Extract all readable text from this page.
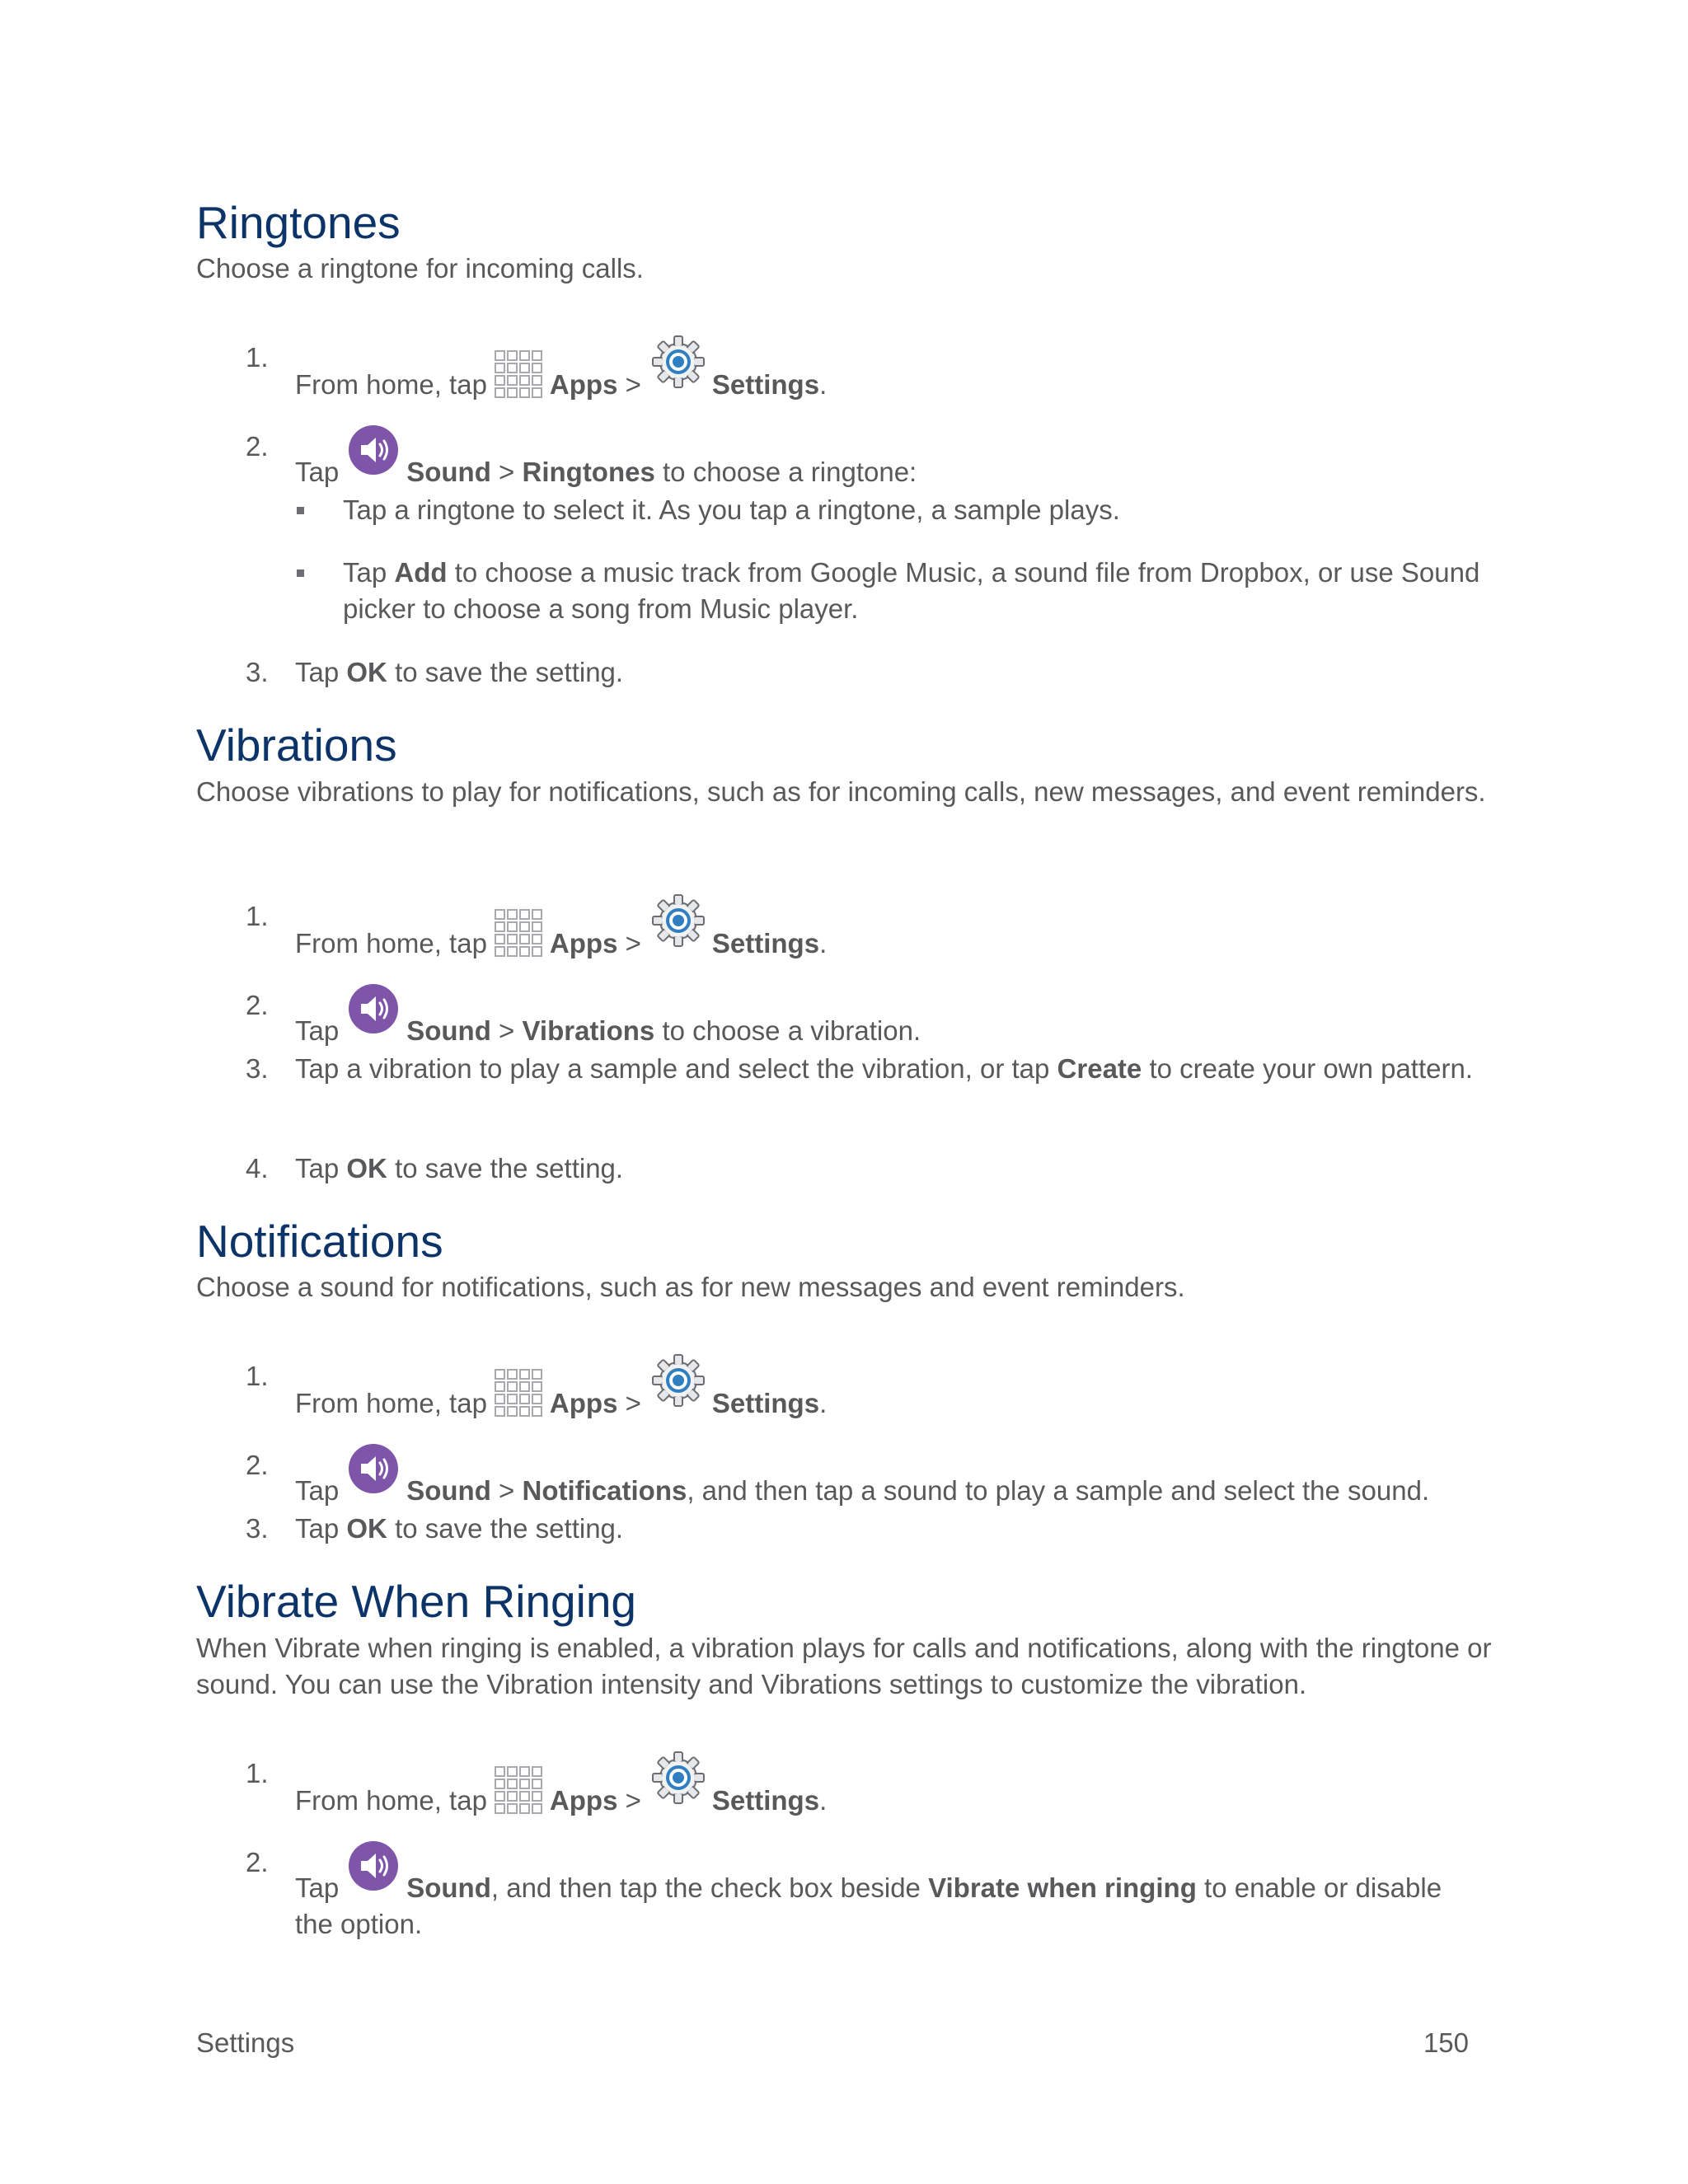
Ringtones

Choose a ringtone for incoming calls.

1.
From home, tap Apps >	Settings.
2.
Tap Sound > Ringtones to choose a ringtone:
Tap a ringtone to select it. As you tap a ringtone, a sample plays.
Tap Add to choose a music track from Google Music, a sound file from Dropbox, or use Sound picker to choose a song from Music player.
3. Tap OK to save the setting.
Vibrations

Choose vibrations to play for notifications, such as for incoming calls, new messages, and event reminders.

1.
From home, tap Apps >	Settings.
2.
Tap Sound > Vibrations to choose a vibration.
3. Tap a vibration to play a sample and select the vibration, or tap Create to create your own pattern.
4. Tap OK to save the setting.
Notifications

Choose a sound for notifications, such as for new messages and event reminders.

1.
From home, tap Apps >	Settings.
2.
Tap Sound > Notifications, and then tap a sound to play a sample and select the sound.
3. Tap OK to save the setting.
Vibrate When Ringing

When Vibrate when ringing is enabled, a vibration plays for calls and notifications, along with the ringtone or sound. You can use the Vibration intensity and Vibrations settings to customize the vibration.

1.
From home, tap Apps >	Settings.
2.
Tap Sound, and then tap the check box beside Vibrate when ringing to enable or disable the option.
Settings	150
